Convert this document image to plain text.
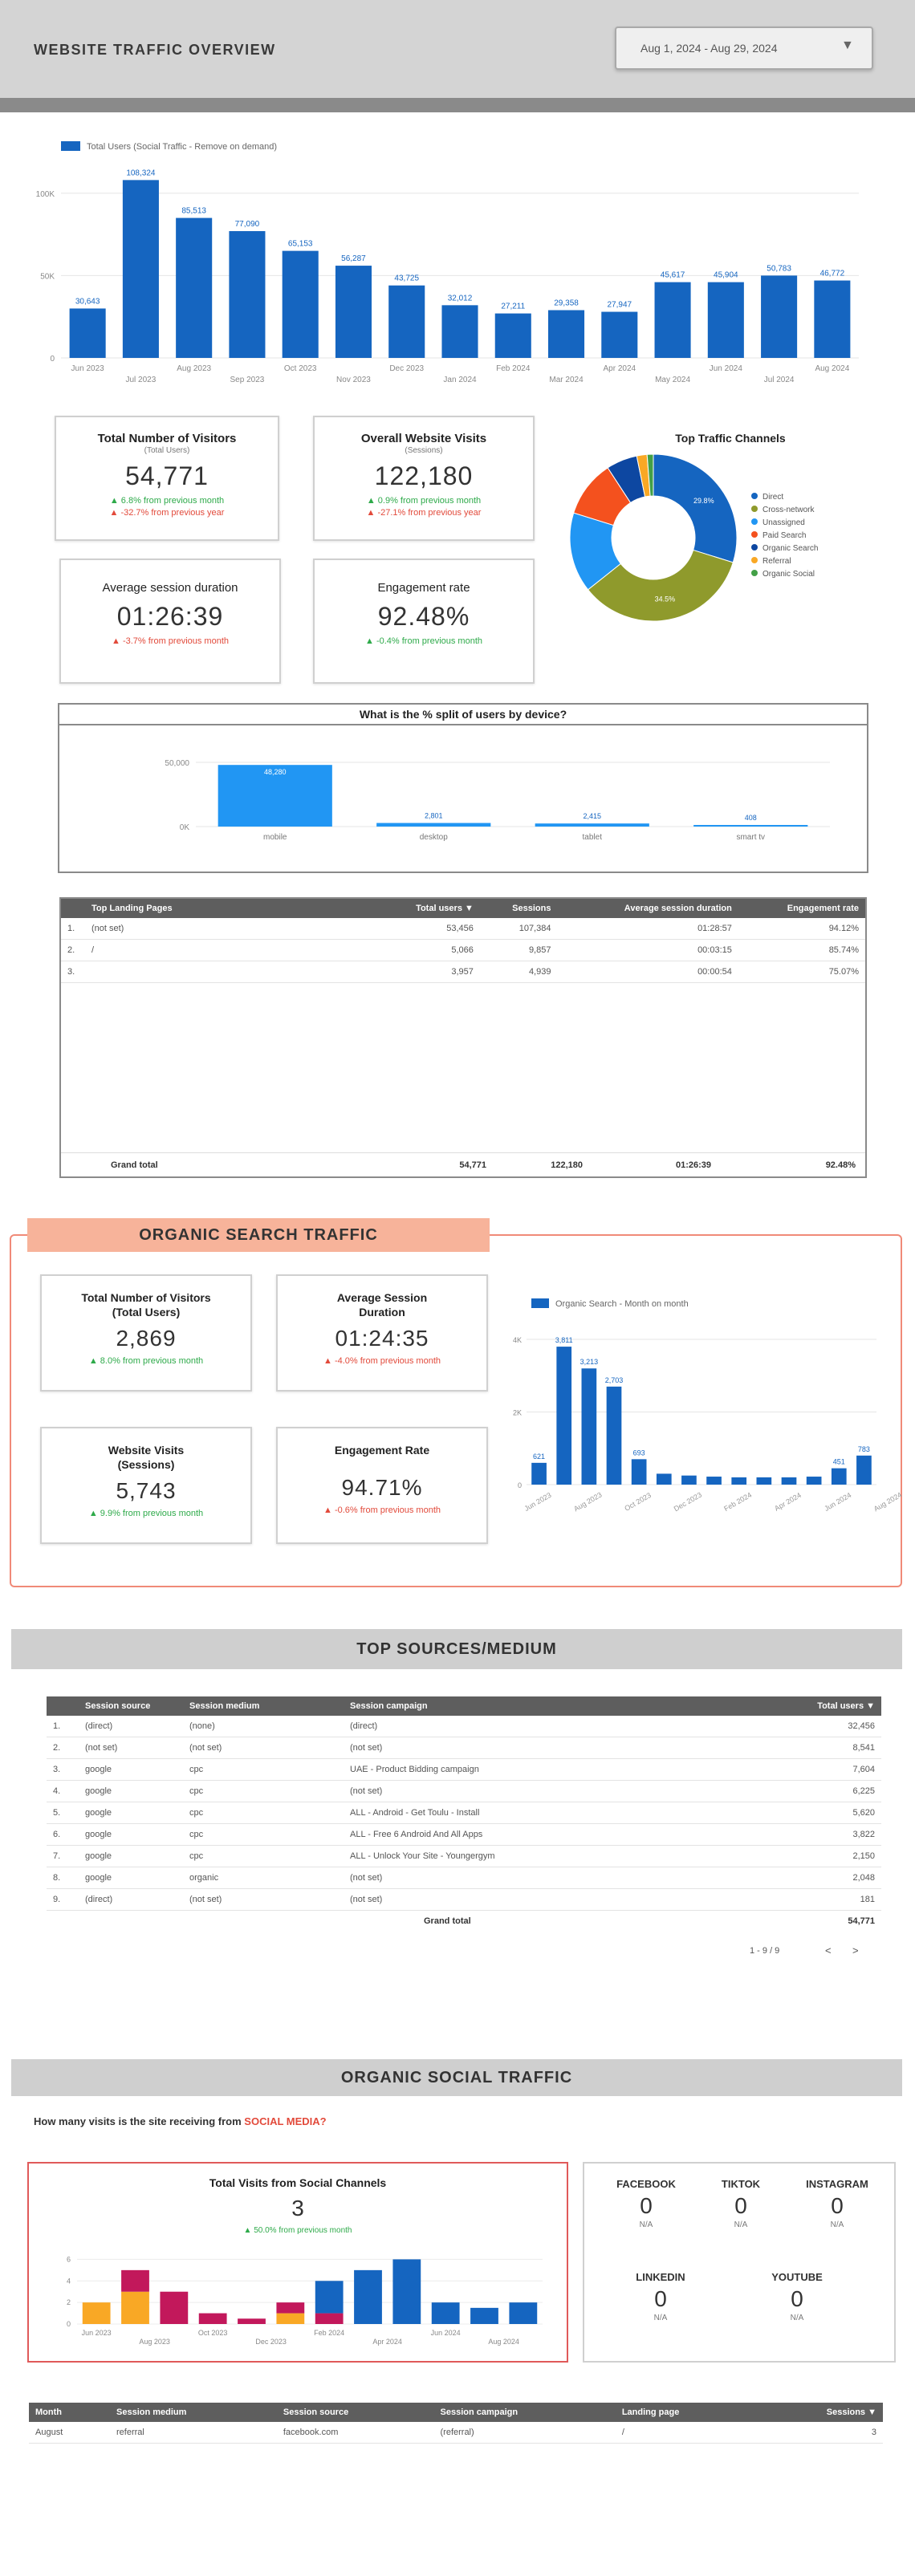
WEBSITE TRAFFIC OVERVIEW	Aug 1, 2024 - Aug 29, 2024	▼
Total Users (Social Traffic - Remove on demand)
100K
50K
0
30,643
Jun 2023
108,324
Jul 2023
85,513
Aug 2023
77,090
Sep 2023
65,153
Oct 2023
56,287
Nov 2023
43,725
Dec 2023
32,012
Jan 2024
27,211
Feb 2024
29,358
Mar 2024
27,947
Apr 2024
45,617
May 2024
45,904
Jun 2024
50,783
Jul 2024
46,772
Aug 2024
Total Number of Visitors
(Total Users)
54,771
▲ 6.8% from previous month
▲ -32.7% from previous year
Overall Website Visits
(Sessions)
122,180
▲ 0.9% from previous month
▲ -27.1% from previous year
Average session duration
01:26:39
▲ -3.7% from previous month
Engagement rate
92.48%
▲ -0.4% from previous month
Top Traffic Channels
29.8%
34.5%
Direct
Cross-network
Unassigned
Paid Search
Organic Search
Referral
Organic Social
What is the % split of users by device?
50,000
0K
48,280
mobile
2,801
desktop
2,415
tablet
408
smart tv
	Top Landing Pages	Total users ▼	Sessions	Average session duration	Engagement rate
1.	(not set)	53,456	107,384	01:28:57	94.12%
2.	/	5,066	9,857	00:03:15	85.74%
3.		3,957	4,939	00:00:54	75.07%
Grand total	54,771	122,180	01:26:39	92.48%
ORGANIC SEARCH TRAFFIC
Total Number of Visitors
(Total Users)
2,869
▲ 8.0% from previous month
Average Session
Duration
01:24:35
▲ -4.0% from previous month
Website Visits
(Sessions)
5,743
▲ 9.9% from previous month
Engagement Rate
94.71%
▲ -0.6% from previous month
Organic Search - Month on month
4K
2K
0
621
3,811
3,213
2,703
693
451
783
Jun 2023	Aug 2023	Oct 2023	Dec 2023	Feb 2024	Apr 2024	Jun 2024	Aug 2024
TOP SOURCES/MEDIUM
	Session source	Session medium	Session campaign	Total users ▼
1.	(direct)	(none)	(direct)	32,456
2.	(not set)	(not set)	(not set)	8,541
3.	google	cpc	UAE - Product Bidding campaign	7,604
4.	google	cpc	(not set)	6,225
5.	google	cpc	ALL - Android - Get Toulu - Install	5,620
6.	google	cpc	ALL - Free 6 Android And All Apps	3,822
7.	google	cpc	ALL - Unlock Your Site - Youngergym	2,150
8.	google	organic	(not set)	2,048
9.	(direct)	(not set)	(not set)	181
Grand total	54,771
1 - 9 / 9	< >
ORGANIC SOCIAL TRAFFIC
How many visits is the site receiving from SOCIAL MEDIA?
Total Visits from Social Channels
3
▲ 50.0% from previous month
6
4
2
0
Jun 2023
Aug 2023
Oct 2023
Dec 2023
Feb 2024
Apr 2024
Jun 2024
Aug 2024
FACEBOOK
0
N/A
TIKTOK
0
N/A
INSTAGRAM
0
N/A
LINKEDIN
0
N/A
YOUTUBE
0
N/A
Month	Session medium	Session source	Session campaign	Landing page	Sessions ▼
August	referral	facebook.com	(referral)	/	3
